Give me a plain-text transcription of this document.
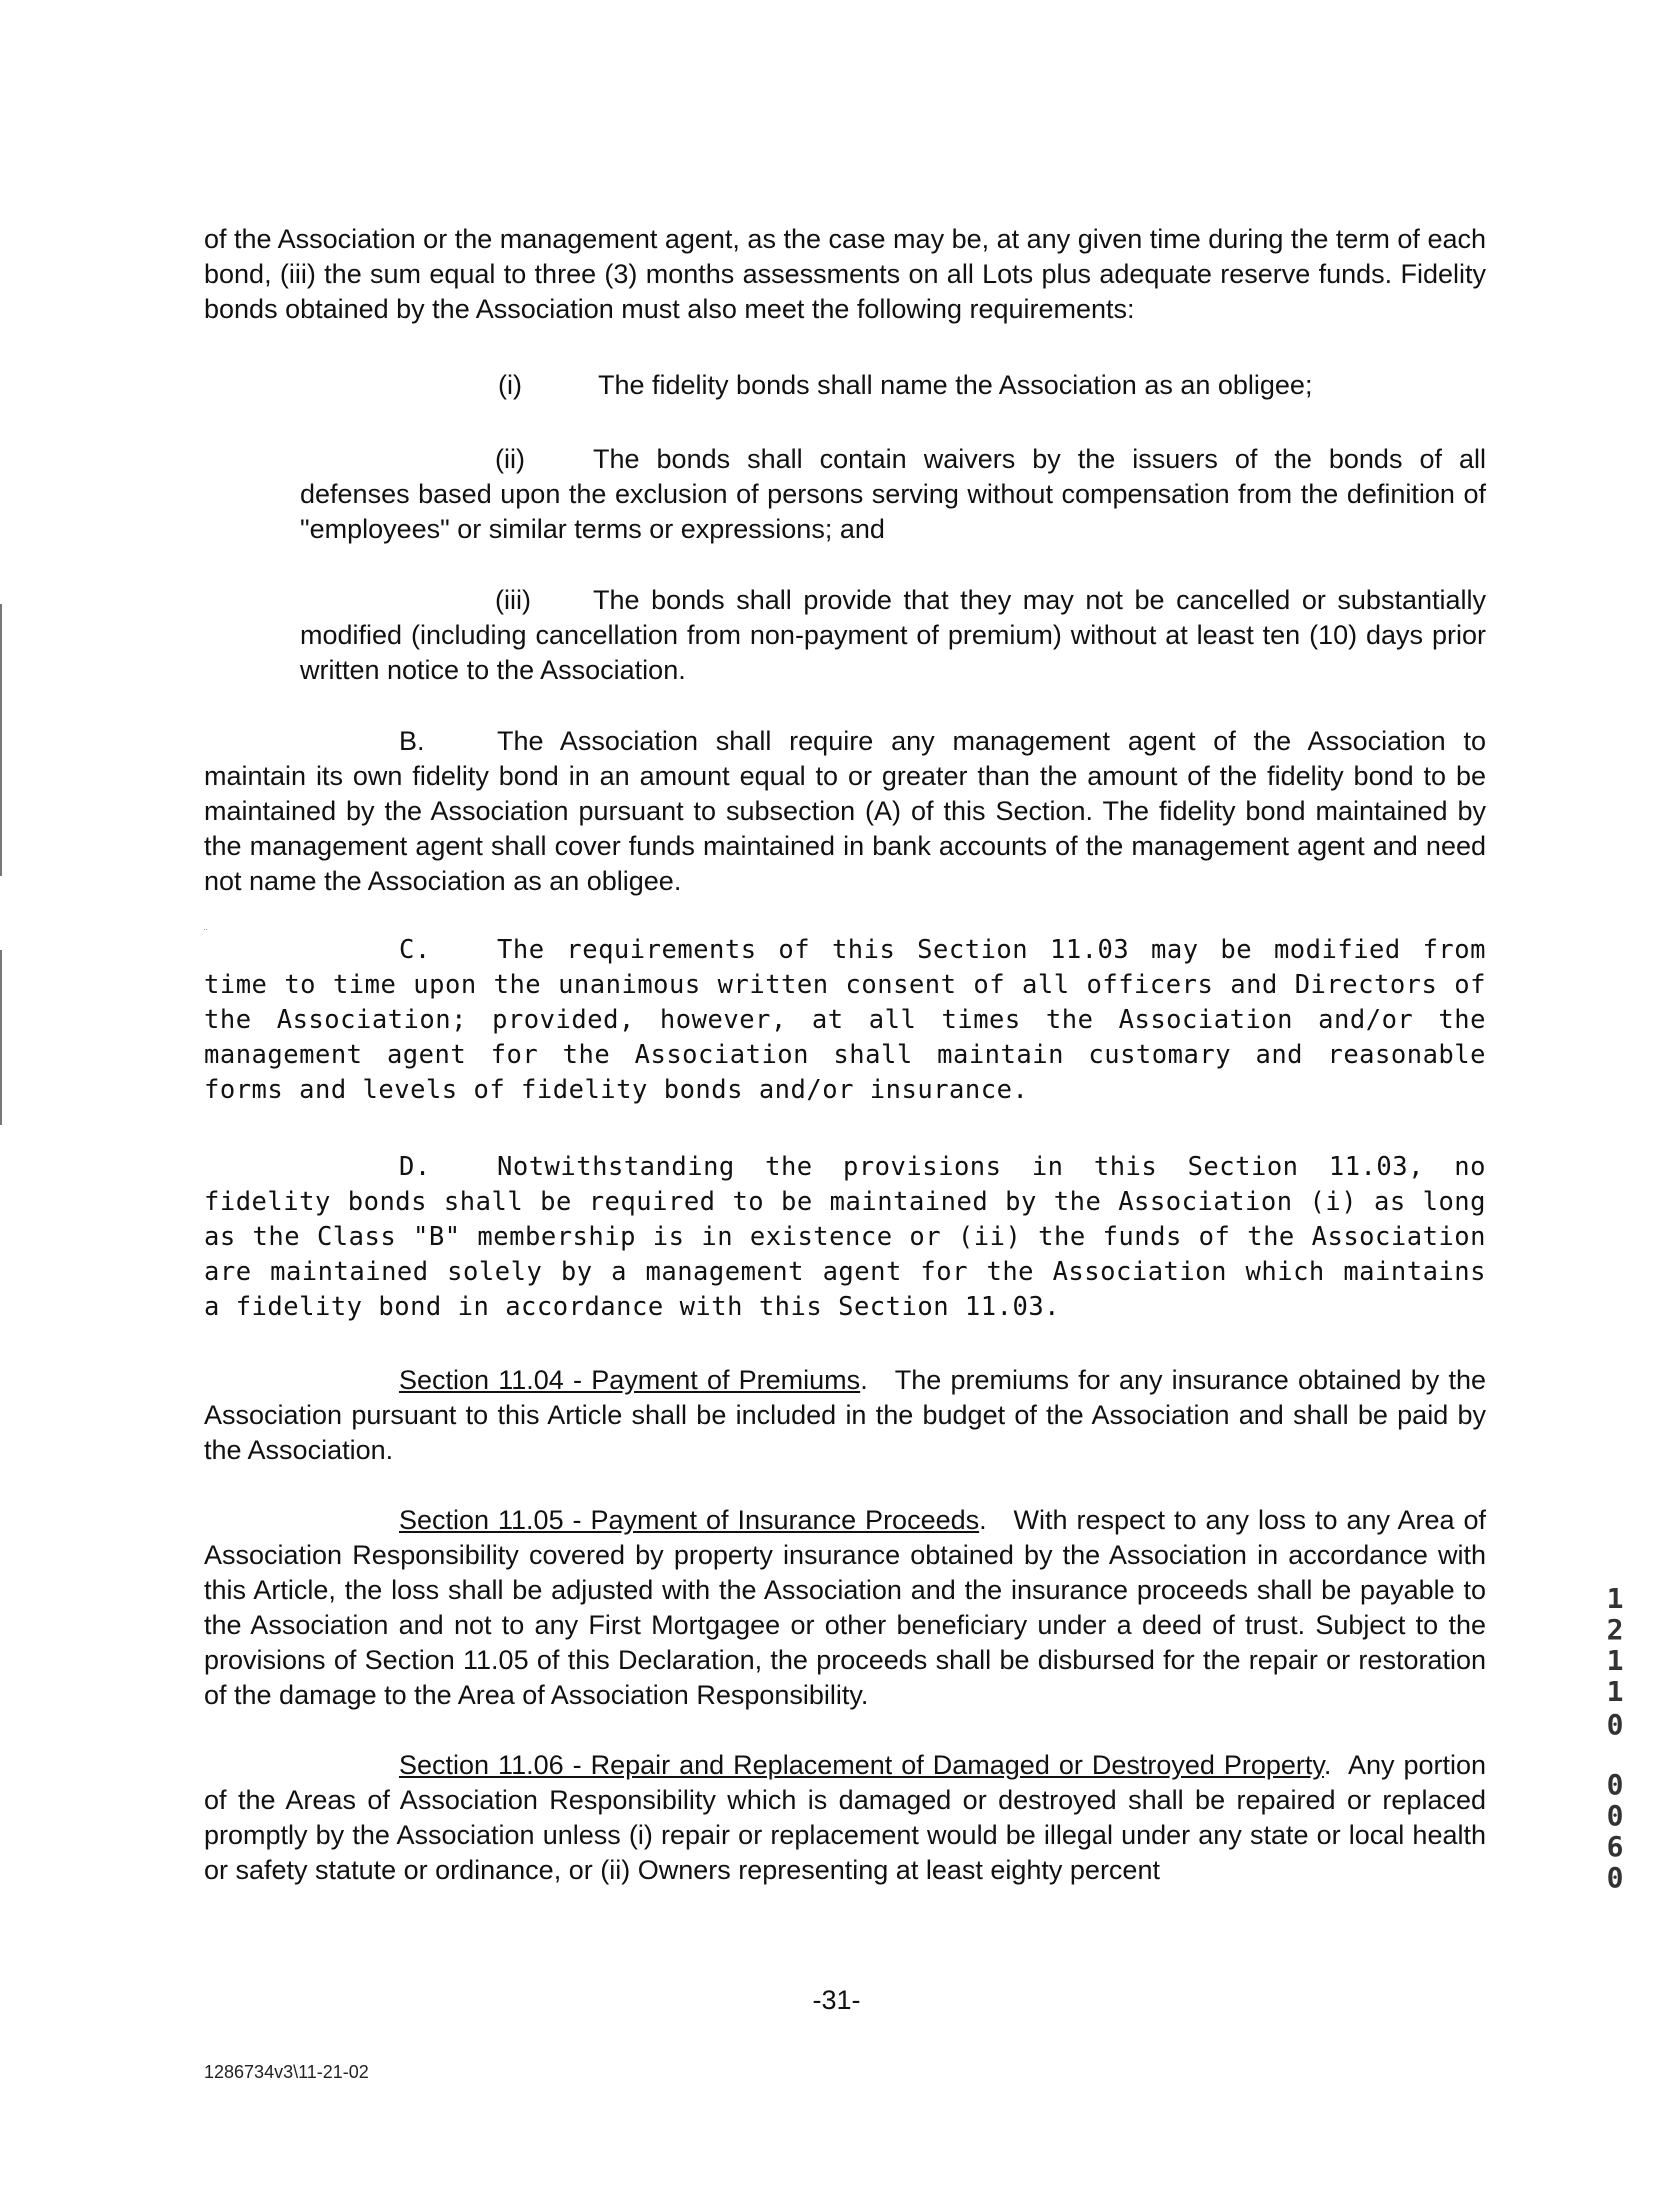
of the Association or the management agent, as the case may be, at any given time during the term of each bond, (iii) the sum equal to three (3) months assessments on all Lots plus adequate reserve funds. Fidelity bonds obtained by the Association must also meet the following requirements:
(i)	The fidelity bonds shall name the Association as an obligee;
(ii)	The bonds shall contain waivers by the issuers of the bonds of all defenses based upon the exclusion of persons serving without compensation from the definition of "employees" or similar terms or expressions; and
(iii) The bonds shall provide that they may not be cancelled or substantially modified (including cancellation from non-payment of premium) without at least ten (10) days prior written notice to the Association.
B.	The Association shall require any management agent of the Association to maintain its own fidelity bond in an amount equal to or greater than the amount of the fidelity bond to be maintained by the Association pursuant to subsection (A) of this Section. The fidelity bond maintained by the management agent shall cover funds maintained in bank accounts of the management agent and need not name the Association as an obligee.
¨
C.	The requirements of this Section 11.03 may be modified from time to time upon the unanimous written consent of all officers and Directors of the Association; provided, however, at all times the Association and/or the management agent for the Association shall maintain customary and reasonable forms and levels of fidelity bonds and/or insurance.
D.	Notwithstanding the provisions in this Section 11.03, no fidelity bonds shall be required to be maintained by the Association (i) as long as the Class "B" membership is in existence or (ii) the funds of the Association are maintained solely by a management agent for the Association which maintains a fidelity bond in accordance with this Section 11.03.
Section 11.04 - Payment of Premiums.   The premiums for any insurance obtained by the Association pursuant to this Article shall be included in the budget of the Association and shall be paid by the Association.
Section 11.05 - Payment of Insurance Proceeds.   With respect to any loss to any Area of Association Responsibility covered by property insurance obtained by the Association in accordance with this Article, the loss shall be adjusted with the Association and the insurance proceeds shall be payable to the Association and not to any First Mortgagee or other beneficiary under a deed of trust. Subject to the provisions of Section 11.05 of this Declaration, the proceeds shall be disbursed for the repair or restoration of the damage to the Area of Association Responsibility.
Section 11.06 - Repair and Replacement of Damaged or Destroyed Property.  Any portion of the Areas of Association Responsibility which is damaged or destroyed shall be repaired or replaced promptly by the Association unless (i) repair or replacement would be illegal under any state or local health or safety statute or ordinance, or (ii) Owners representing at least eighty percent
1
2
1
1
0
0
0
6
0
-31-
1286734v3\11-21-02
